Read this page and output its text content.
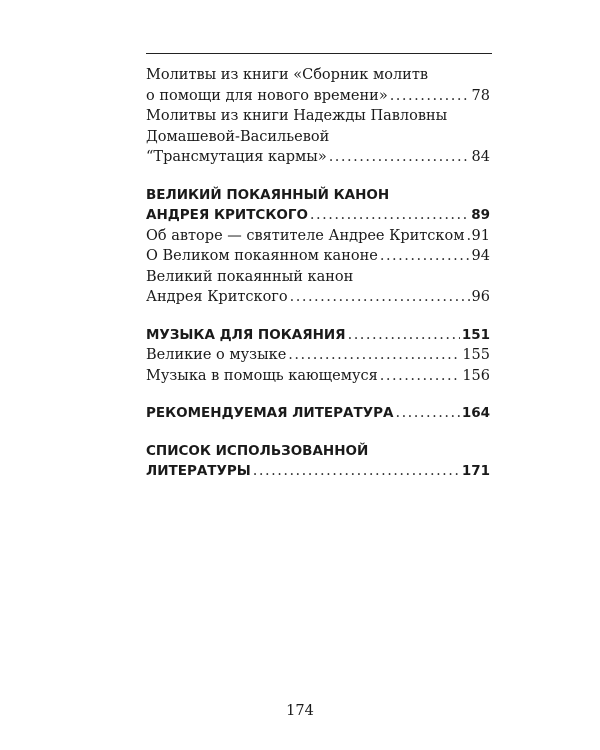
Молитвы из книги «Сборник молитв
о помощи для нового времени» .....	78
Молитвы из книги Надежды Павловны
Домашевой-Васильевой
“Трансмутация кармы» .....	84
ВЕЛИКИЙ ПОКАЯННЫЙ КАНОН
АНДРЕЯ КРИТСКОГО .....	89
Об авторе — святителе Андрее Критском ..... 91
О Великом покаянном каноне .....	94
Великий покаянный канон
Андрея Критского .....	96
МУЗЫКА ДЛЯ ПОКАЯНИЯ .....	151
Великие о музыке .....	155
Музыка в помощь кающемуся .....	156
РЕКОМЕНДУЕМАЯ ЛИТЕРАТУРА .....	164
СПИСОК ИСПОЛЬЗОВАННОЙ
ЛИТЕРАТУРЫ .....	171
174
